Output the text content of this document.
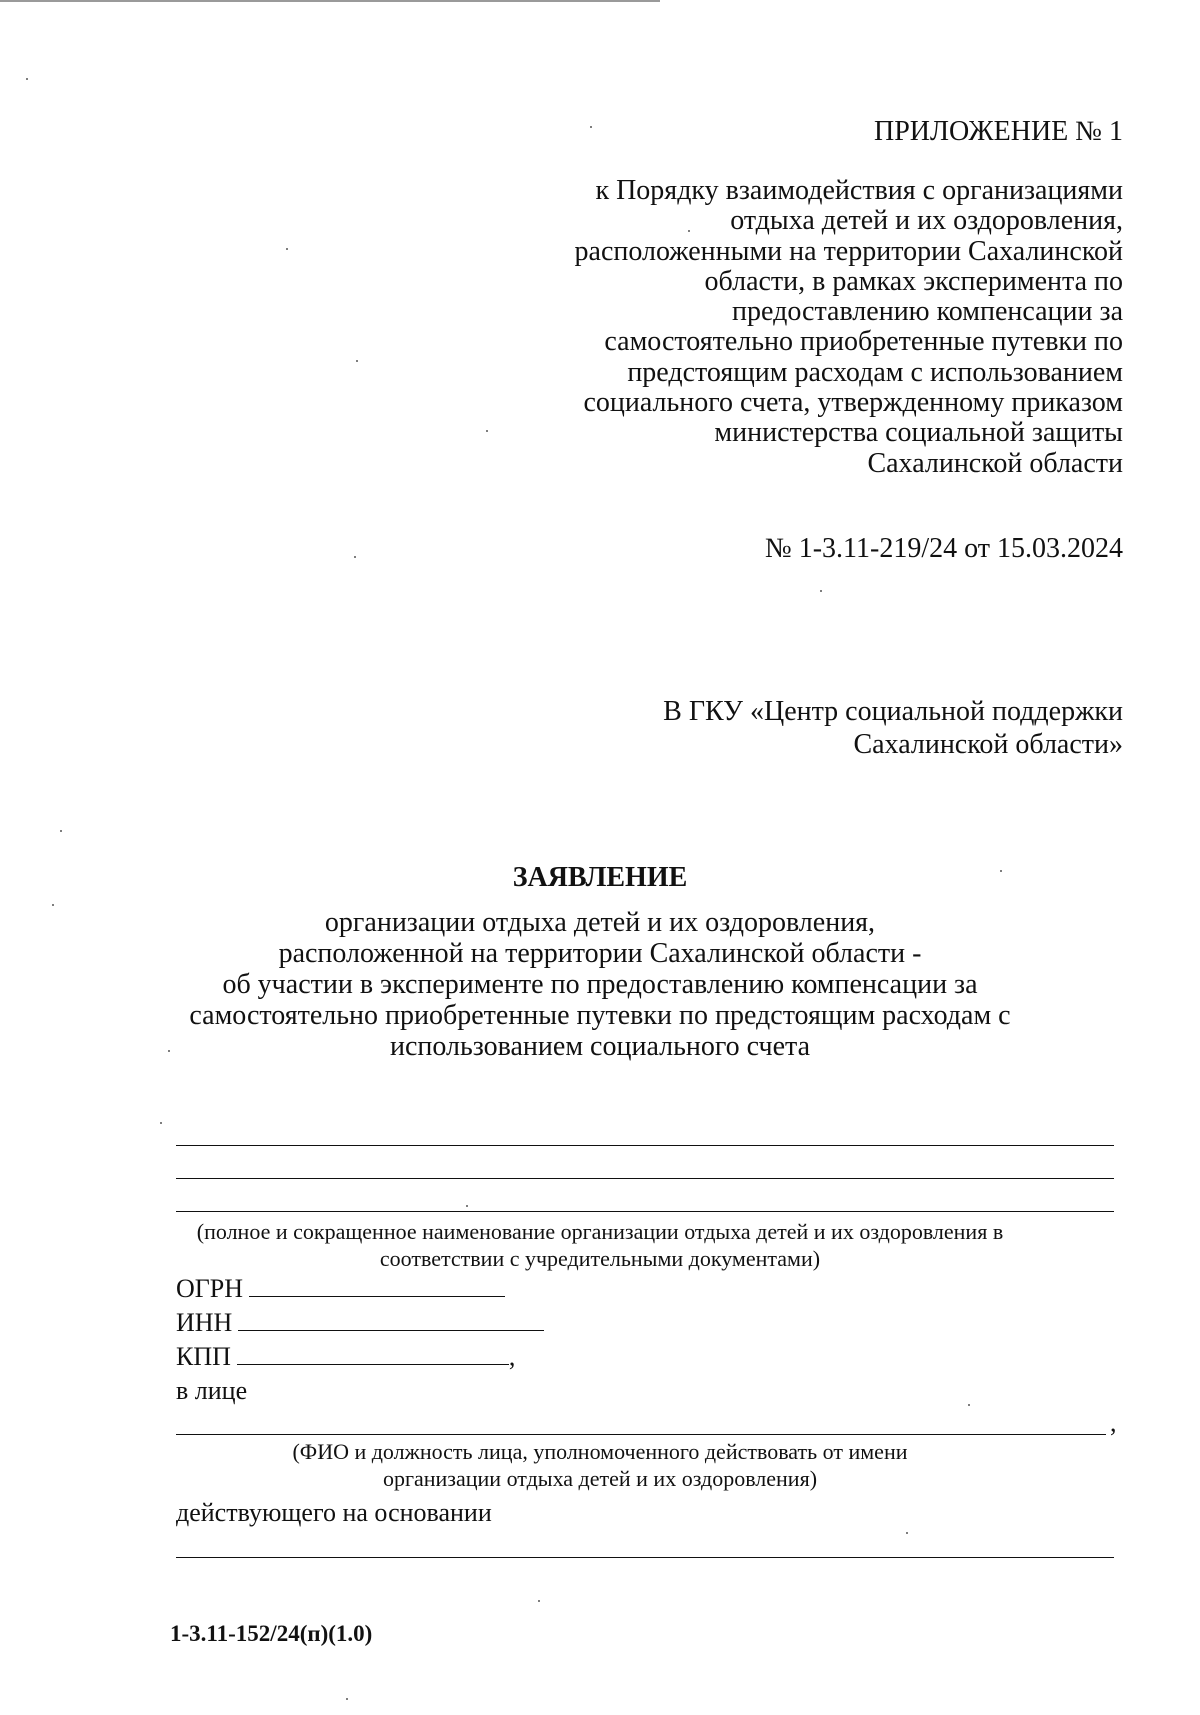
ПРИЛОЖЕНИЕ № 1
к Порядку взаимодействия с организациями
отдыха детей и их оздоровления,
расположенными на территории Сахалинской
области, в рамках эксперимента по
предоставлению компенсации за
самостоятельно приобретенные путевки по
предстоящим расходам с использованием
социального счета, утвержденному приказом
министерства социальной защиты
Сахалинской области
№ 1-3.11-219/24 от 15.03.2024
В ГКУ «Центр социальной поддержки
Сахалинской области»
ЗАЯВЛЕНИЕ
организации отдыха детей и их оздоровления,
расположенной на территории Сахалинской области -
об участии в эксперименте по предоставлению компенсации за
самостоятельно приобретенные путевки по предстоящим расходам с
использованием социального счета
(полное и сокращенное наименование организации отдыха детей и их оздоровления в
соответствии с учредительными документами)
ОГРН
ИНН
КПП	,
в лице
,
(ФИО и должность лица, уполномоченного действовать от имени
организации отдыха детей и их оздоровления)
действующего на основании
1-3.11-152/24(п)(1.0)
